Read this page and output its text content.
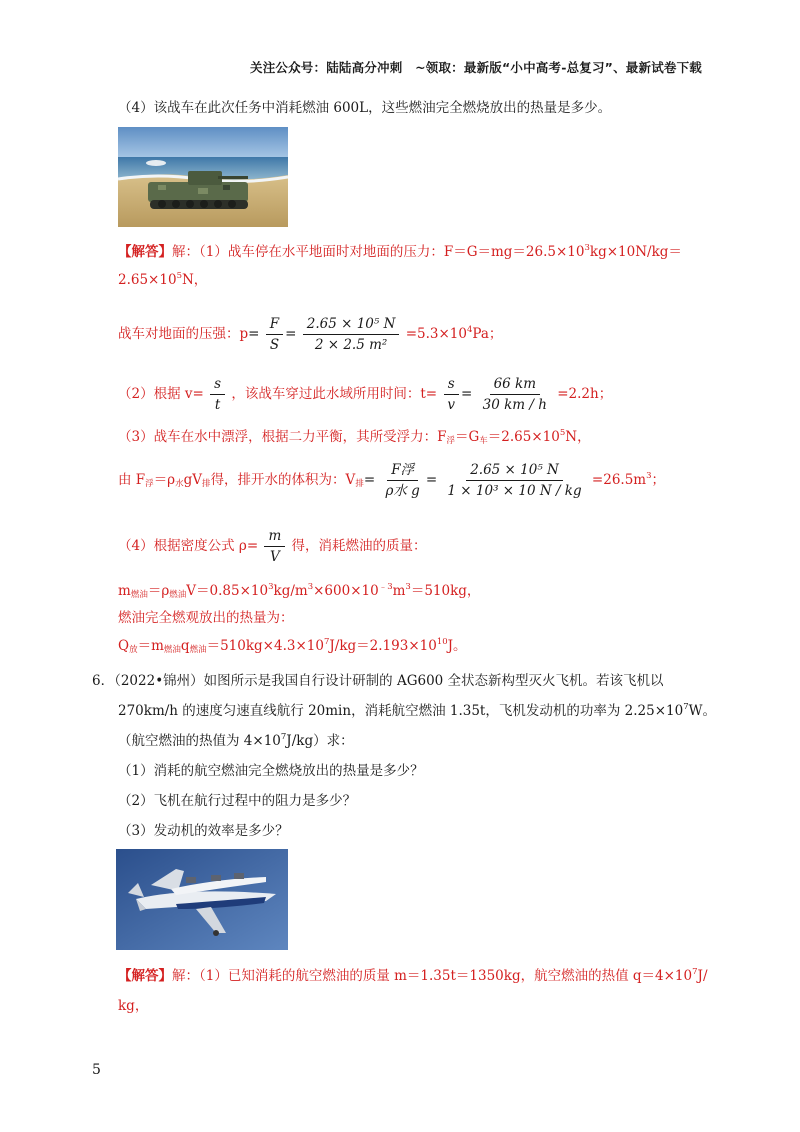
关注公众号：陆陆高分冲刺　~领取：最新版“小中高考-总复习”、最新试卷下载
（4）该战车在此次任务中消耗燃油 600L，这些燃油完全燃烧放出的热量是多少。
【解答】解：（1）战车停在水平地面时对地面的压力：$F=G=mg=26.5\times 10^3kg\times 10N/kg=$
$2.65\times 10^5N$，
战车对地面的压强：$p= \frac{F}{S} = \frac{\text{2.65 × 10⁵ N}}{\text{2 × 2.5 m²}} =5.3\times 10^4Pa$；
（2）根据 $v= \frac{s}{t}$ ，该战车穿过此水域所用时间：$t= \frac{s}{v} = \frac{66 km}{30 km / h} =2.2h$；
（3）战车在水中漂浮，根据二力平衡，其所受浮力：$F_浮=G_车=2.65\times 10^5N$，
由 $F_浮=\rho_水gV_排$得，排开水的体积为：$V_排= \frac{\text{F浮}}{\text{ρ水 g}} = \frac{\text{2.65 × 10⁵ N}}{\text{1 × 10³ × 10 N / kg}} =26.5m^3$；
（4）根据密度公式 $\rho= \frac{m}{V}$ 得，消耗燃油的质量：
$m_{燃油}=\rho_{燃油}V=0.85\times 10^3kg/m^3\times 600\times 10^{﹣3}m^3=510kg$，
燃油完全燃观放出的热量为：
$Q_放=m_{燃油}q_{燃油}=510kg\times 4.3\times 10^7J/kg=2.193\times 10^{10}J$。
6．（2022•锦州）如图所示是我国自行设计研制的 AG600 全状态新构型灭火飞机。若该飞机以
270km/h 的速度匀速直线航行 20min，消耗航空燃油 1.35t，飞机发动机的功率为 $2.25\times 10^7W$。
（航空燃油的热值为 $4\times 10^7J/kg$）求：
（1）消耗的航空燃油完全燃烧放出的热量是多少？
（2）飞机在航行过程中的阻力是多少？
（3）发动机的效率是多少？
【解答】解：（1）已知消耗的航空燃油的质量 m＝1.35t＝1350kg，航空燃油的热值 $q=4\times 10^7J/$
kg，
5
